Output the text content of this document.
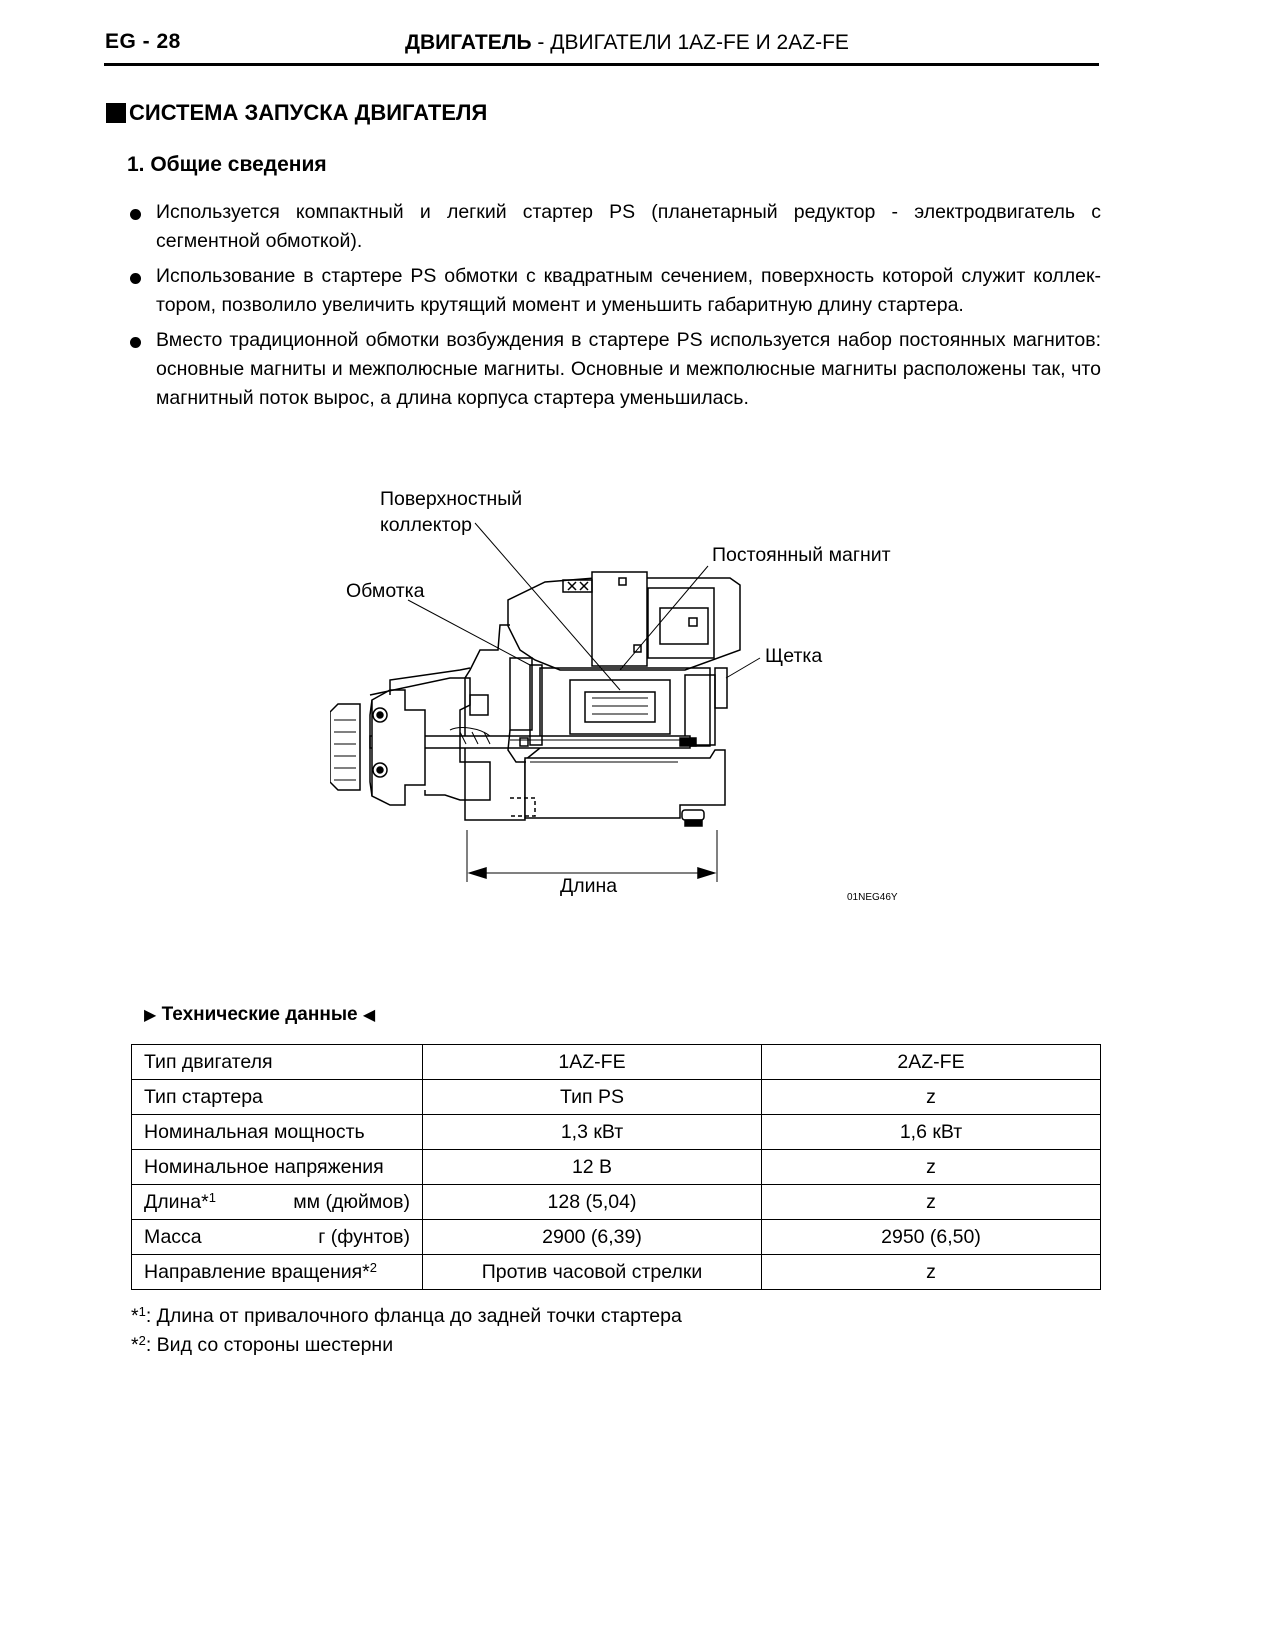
EG - 28	ДВИГАТЕЛЬ - ДВИГАТЕЛИ 1AZ-FE И 2AZ-FE
СИСТЕМА ЗАПУСКА ДВИГАТЕЛЯ
1. Общие сведения
Используется компактный и легкий стартер PS (планетарный редуктор - электродвигатель с сегментной обмоткой).
Использование в стартере PS обмотки с квадратным сечением, поверхность которой служит коллек-тором, позволило увеличить крутящий момент и уменьшить габаритную длину стартера.
Вместо традиционной обмотки возбуждения в стартере PS используется набор постоянных магнитов: основные магниты и межполюсные магниты. Основные и межполюсные магниты расположены так, что магнитный поток вырос, а длина корпуса стартера уменьшилась.
Поверхностный
коллектор
Постоянный магнит
Обмотка
Щетка
Длина
01NEG46Y
▶ Технические данные ◀
Тип двигателя	1AZ-FE	2AZ-FE

Тип стартера	Тип PS	z

Номинальная мощность	1,3 кВт	1,6 кВт

Номинальное напряжения	12 В	z

Длина*$^1$ мм (дюймов)	128 (5,04)	z

Масса г (фунтов)	2900 (6,39)	2950 (6,50)

Направление вращения*$^2$	Против часовой стрелки	z
*$^1$: Длина от привалочного фланца до задней точки стартера
*$^2$: Вид со стороны шестерни
